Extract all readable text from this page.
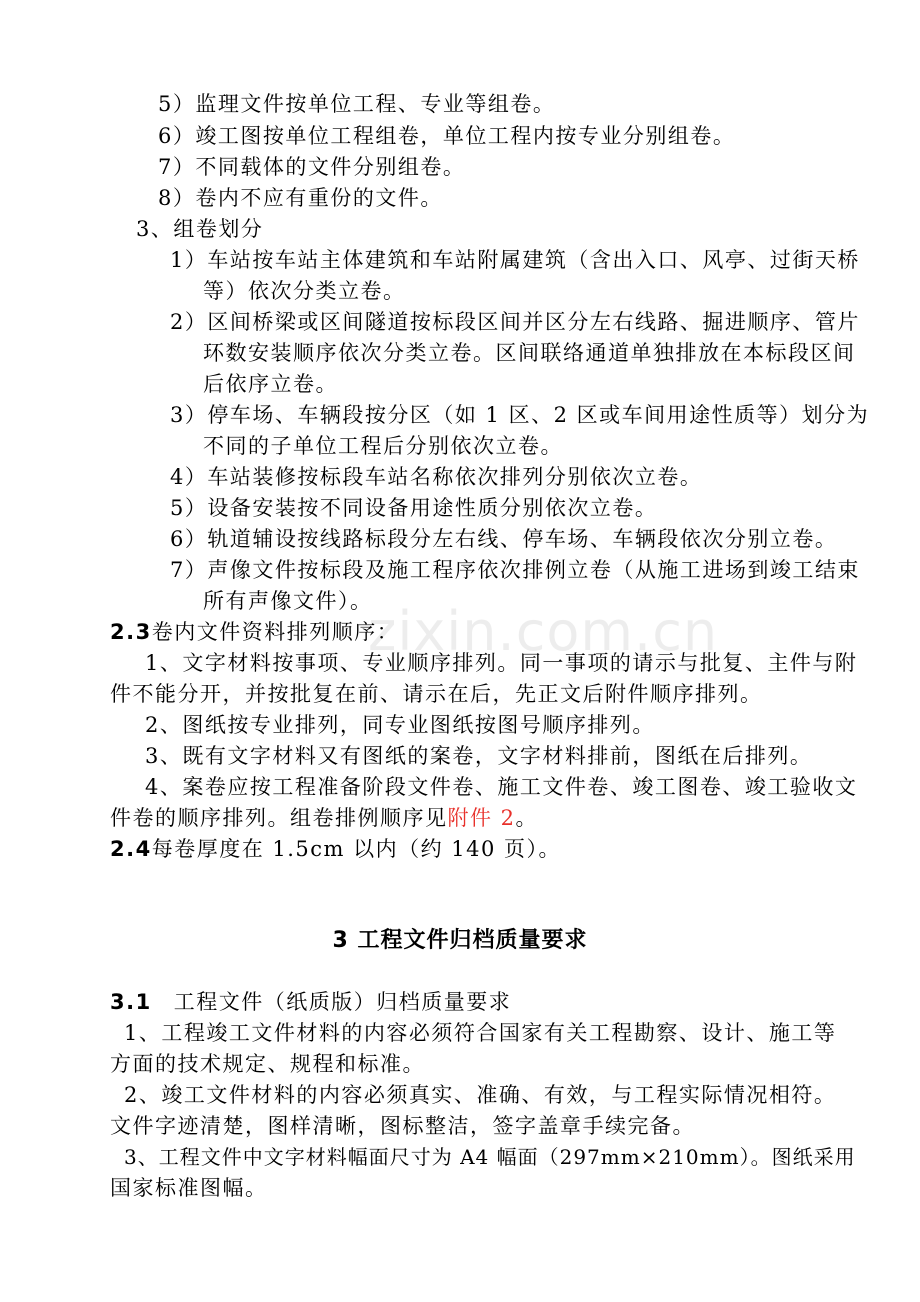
zixin.com.cn
5）监理文件按单位工程、专业等组卷。
6）竣工图按单位工程组卷，单位工程内按专业分别组卷。
7）不同载体的文件分别组卷。
8）卷内不应有重份的文件。
3、组卷划分
1）车站按车站主体建筑和车站附属建筑（含出入口、风亭、过街天桥
等）依次分类立卷。
2）区间桥梁或区间隧道按标段区间并区分左右线路、掘进顺序、管片
环数安装顺序依次分类立卷。区间联络通道单独排放在本标段区间
后依序立卷。
3）停车场、车辆段按分区（如 1 区、2 区或车间用途性质等）划分为
不同的子单位工程后分别依次立卷。
4）车站装修按标段车站名称依次排列分别依次立卷。
5）设备安装按不同设备用途性质分别依次立卷。
6）轨道辅设按线路标段分左右线、停车场、车辆段依次分别立卷。
7）声像文件按标段及施工程序依次排例立卷（从施工进场到竣工结束
所有声像文件）。
2.3卷内文件资料排列顺序：
1、文字材料按事项、专业顺序排列。同一事项的请示与批复、主件与附
件不能分开，并按批复在前、请示在后，先正文后附件顺序排列。
2、图纸按专业排列，同专业图纸按图号顺序排列。
3、既有文字材料又有图纸的案卷，文字材料排前，图纸在后排列。
4、案卷应按工程准备阶段文件卷、施工文件卷、竣工图卷、竣工验收文
件卷的顺序排列。组卷排例顺序见附件 2。
2.4每卷厚度在 1.5cm 以内（约 140 页）。
3 工程文件归档质量要求
3.1 工程文件（纸质版）归档质量要求
1、工程竣工文件材料的内容必须符合国家有关工程勘察、设计、施工等
方面的技术规定、规程和标准。
2、竣工文件材料的内容必须真实、准确、有效，与工程实际情况相符。
文件字迹清楚，图样清晰，图标整洁，签字盖章手续完备。
3、工程文件中文字材料幅面尺寸为 A4 幅面（297mm×210mm）。图纸采用
国家标准图幅。
